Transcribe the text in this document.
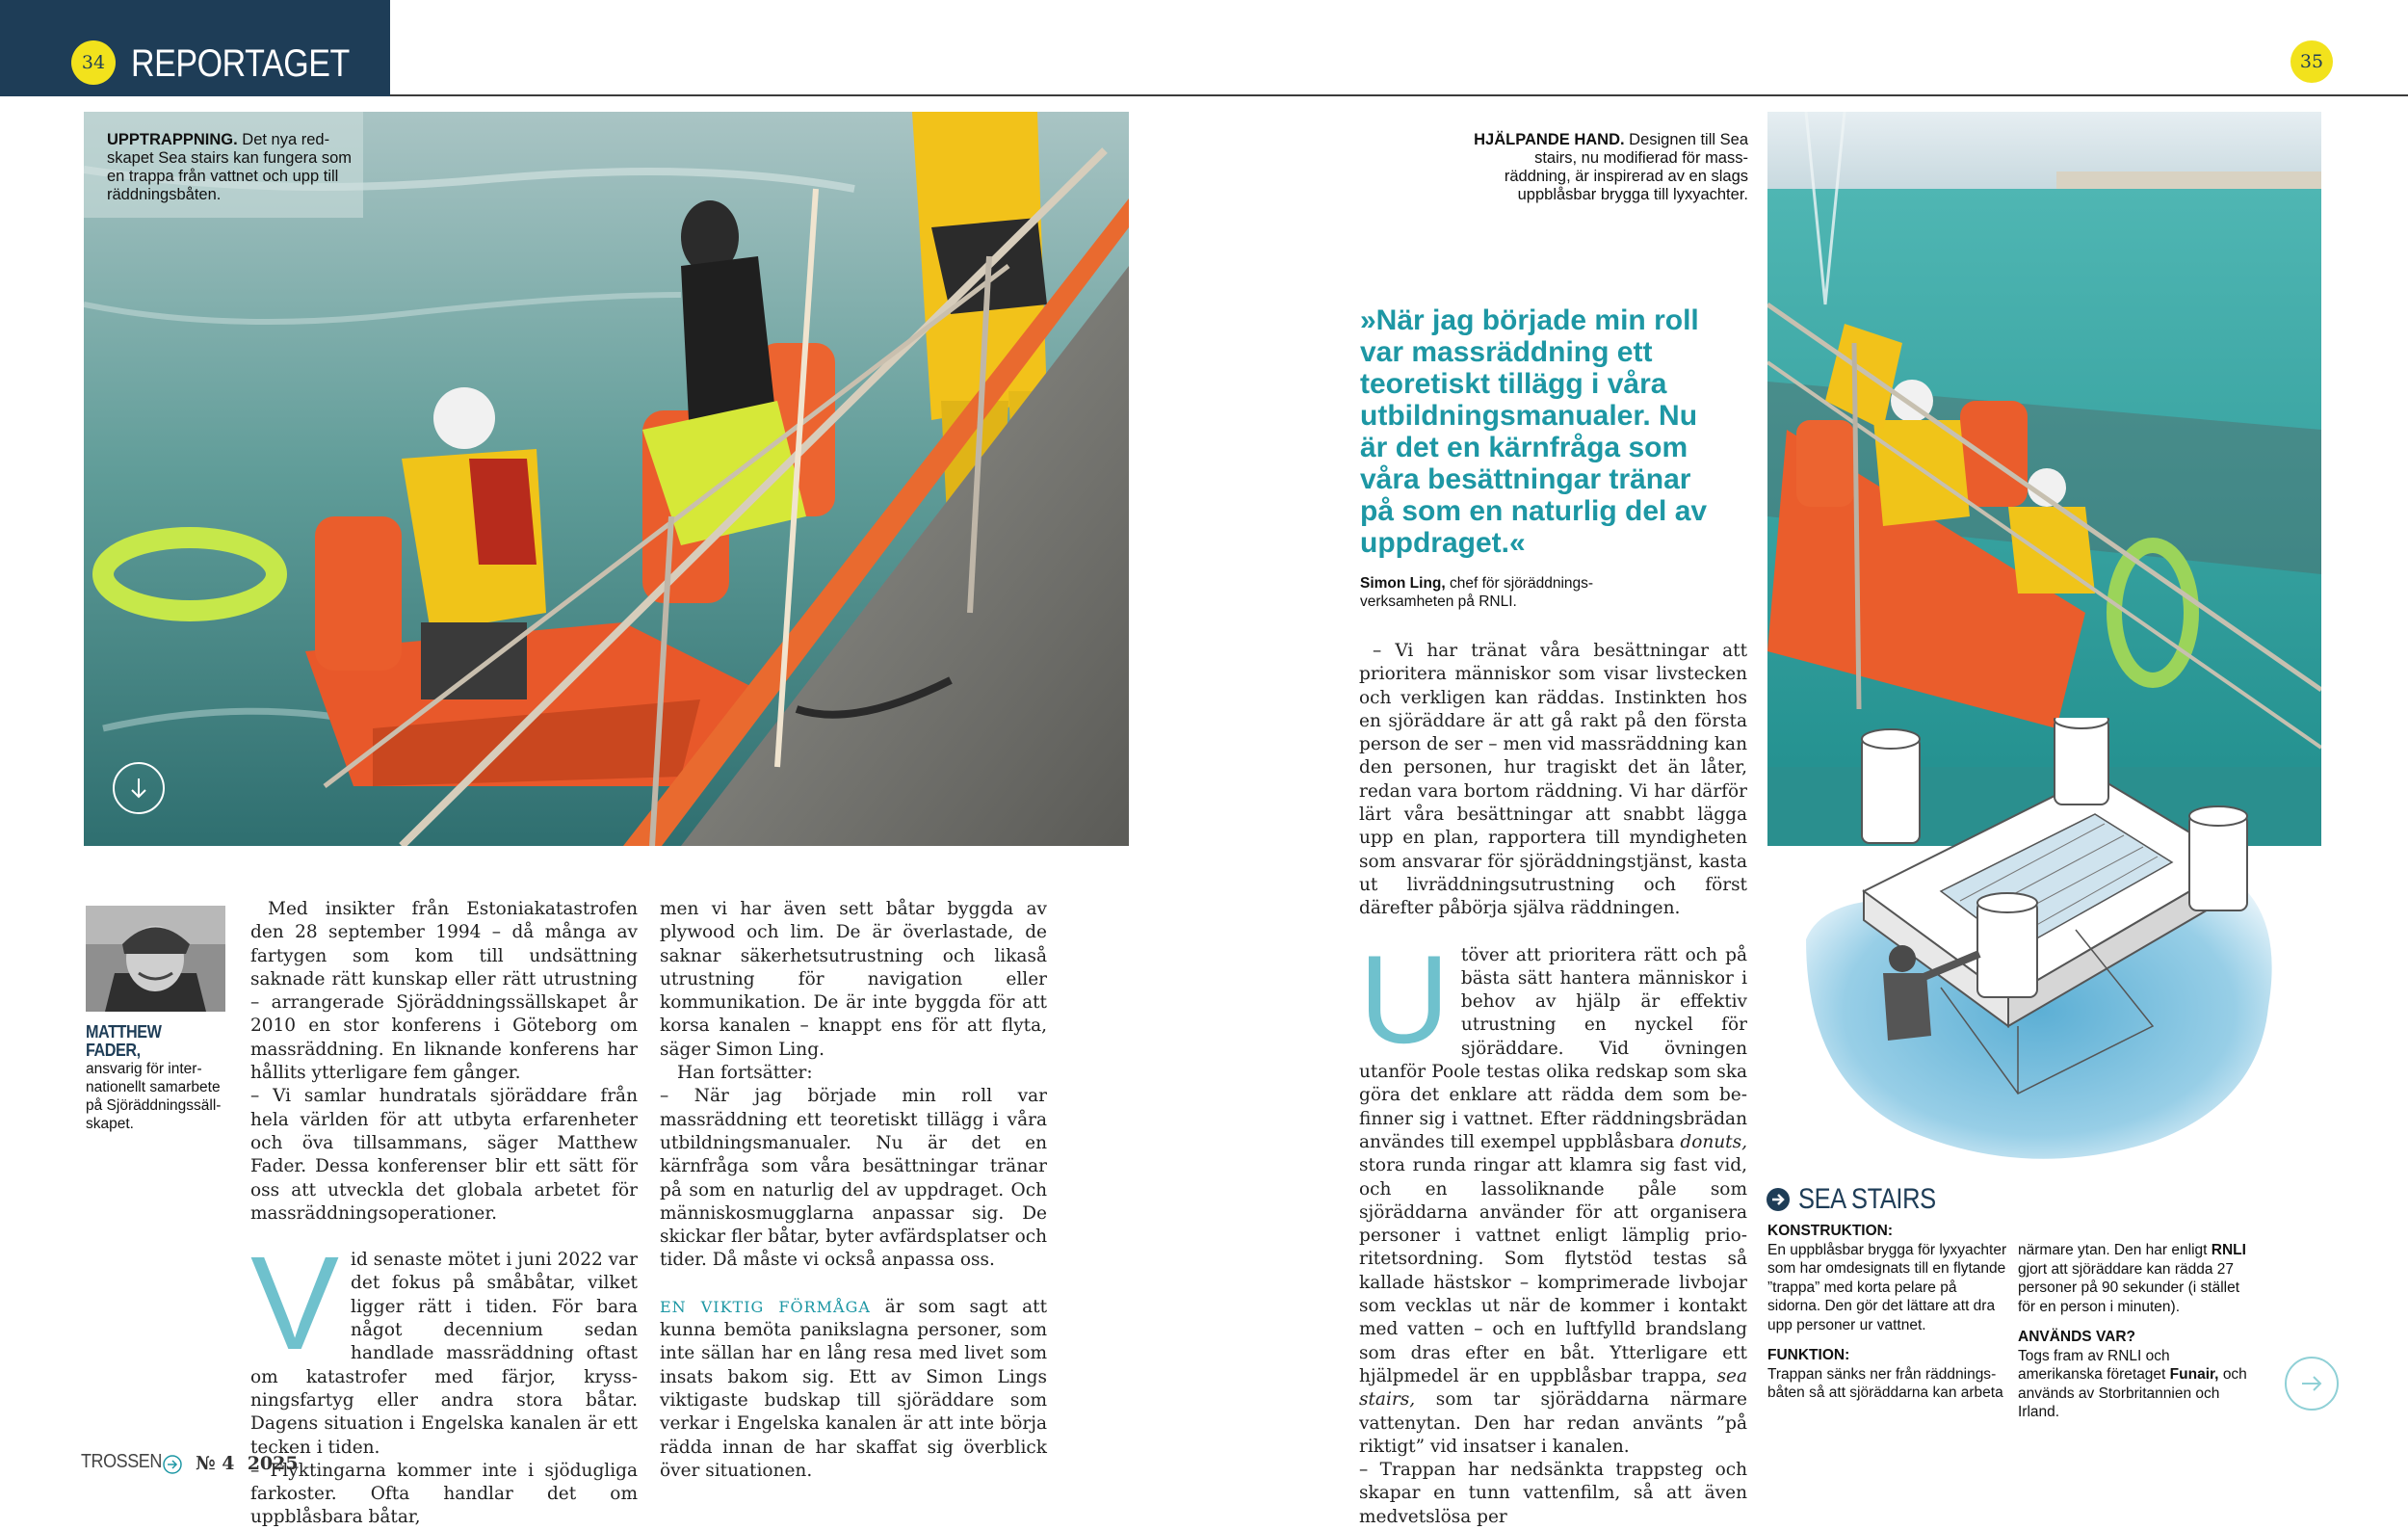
34 REPORTAGET	35
UPPTRAPPNING. Det nya redskapet Sea stairs kan fungera som en trappa från vattnet och upp till räddningsbåten.
MATTHEW FADER,
ansvarig för internationellt samarbete på Sjöräddningssällskapet.

Med insikter från Estoniakatastrofen den 28 september 1994 – då många av fartygen som kom till undsättning saknade rätt kunskap eller rätt utrustning – arrangerade Sjöräddningssällskapet år 2010 en stor konferens i Göteborg om massräddning. En liknande konferens har hållits ytterligare fem gånger.

– Vi samlar hundratals sjöräddare från hela världen för att utbyta erfarenheter och öva tillsammans, säger Matthew Fader. Dessa konferenser blir ett sätt för oss att utveckla det globala arbetet för massräddningsoperationer.

Vid senaste mötet i juni 2022 var det fokus på småbåtar, vilket ligger rätt i tiden. För bara något decennium sedan handlade massräddning oftast om katastrofer med färjor, kryssningsfartyg eller andra stora båtar. Dagens situation i Engelska kanalen är ett tecken i tiden.

– Flyktingarna kommer inte i sjödugliga farkoster. Ofta handlar det om uppblåsbara båtar,

men vi har även sett båtar byggda av plywood och lim. De är överlastade, de saknar säkerhetsutrustning och likaså utrustning för navigation eller kommunikation. De är inte byggda för att korsa kanalen – knappt ens för att flyta, säger Simon Ling.

Han fortsätter:

– När jag började min roll var massräddning ett teoretiskt tillägg i våra utbildningsmanualer. Nu är det en kärnfråga som våra besättningar tränar på som en naturlig del av uppdraget. Och människosmugglarna anpassar sig. De skickar fler båtar, byter avfärdsplatser och tider. Då måste vi också anpassa oss.

EN VIKTIG FÖRMÅGA är som sagt att kunna bemöta panikslagna personer, som inte sällan har en lång resa med livet som insats bakom sig. Ett av Simon Lings viktigaste budskap till sjöräddare som verkar i Engelska kanalen är att inte börja rädda innan de har skaffat sig överblick över situationen.

TROSSEN № 4  2025
HJÄLPANDE HAND. Designen till Sea stairs, nu modifierad för massräddning, är inspirerad av en slags uppblåsbar brygga till lyxyachter.
»När jag började min roll var massräddning ett teoretiskt tillägg i våra utbildningsmanualer. Nu är det en kärnfråga som våra besättningar tränar på som en naturlig del av uppdraget.«
Simon Ling, chef för sjöräddningsverksamheten på RNLI.

– Vi har tränat våra besättningar att prioritera människor som visar livstecken och verkligen kan räddas. Instinkten hos en sjöräddare är att gå rakt på den första person de ser – men vid massräddning kan den personen, hur tragiskt det än låter, redan vara bortom räddning. Vi har därför lärt våra besättningar att snabbt lägga upp en plan, rapportera till myndigheten som ansvarar för sjöräddningstjänst, kasta ut livräddningsutrustning och först därefter påbörja själva räddningen.

Utöver att prioritera rätt och på bästa sätt hantera människor i behov av hjälp är effektiv utrustning en nyckel för sjöräddare. Vid övningen utanför Poole testas olika redskap som ska göra det enklare att rädda dem som befinner sig i vattnet. Efter räddningsbrädan användes till exempel uppblåsbara donuts, stora runda ringar att klamra sig fast vid, och en lassoliknande påle som sjöräddarna använder för att organisera personer i vattnet enligt lämplig prioritetsordning. Som flytstöd testas så kallade hästskor – komprimerade livbojar som vecklas ut när de kommer i kontakt med vatten – och en luftfylld brandslang som dras efter en båt. Ytterligare ett hjälpmedel är en uppblåsbar trappa, sea stairs, som tar sjöräddarna närmare vattenytan. Den har redan använts ”på riktigt” vid insatser i kanalen.

– Trappan har nedsänkta trappsteg och skapar en tunn vattenfilm, så att även medvetslösa per

SEA STAIRS
KONSTRUKTION:
En uppblåsbar brygga för lyxyachter som har omdesignats till en flytande ”trappa” med korta pelare på sidorna. Den gör det lättare att dra upp personer ur vattnet.
FUNKTION:
Trappan sänks ner från räddningsbåten så att sjöräddarna kan arbeta
närmare ytan. Den har enligt RNLI gjort att sjöräddare kan rädda 27 personer på 90 sekunder (i stället för en person i minuten).
ANVÄNDS VAR?
Togs fram av RNLI och amerikanska företaget Funair, och används av Storbritannien och Irland.
